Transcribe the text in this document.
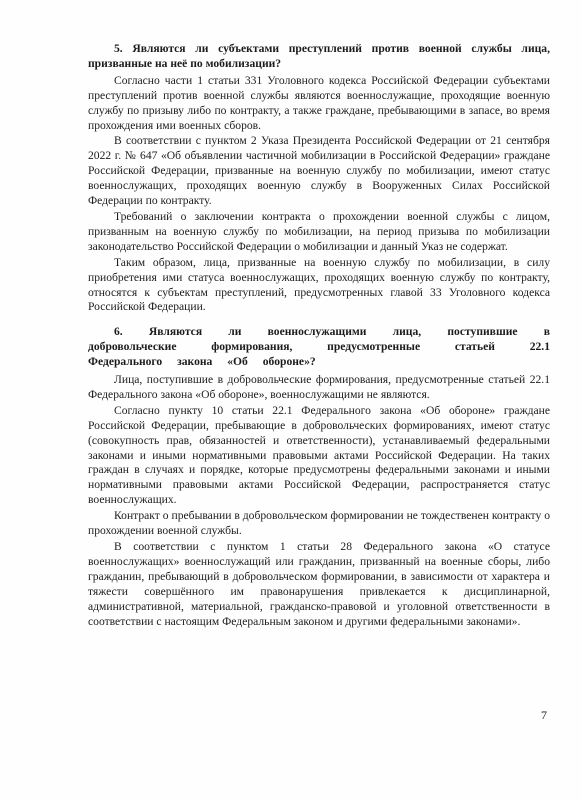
5. Являются ли субъектами преступлений против военной службы лица, призванные на неё по мобилизации?

Согласно части 1 статьи 331 Уголовного кодекса Российской Федерации субъектами преступлений против военной службы являются военнослужащие, проходящие военную службу по призыву либо по контракту, а также граждане, пребывающими в запасе, во время прохождения ими военных сборов.

В соответствии с пунктом 2 Указа Президента Российской Федерации от 21 сентября 2022 г. № 647 «Об объявлении частичной мобилизации в Российской Федерации» граждане Российской Федерации, призванные на военную службу по мобилизации, имеют статус военнослужащих, проходящих военную службу в Вооруженных Силах Российской Федерации по контракту.

Требований о заключении контракта о прохождении военной службы с лицом, призванным на военную службу по мобилизации, на период призыва по мобилизации законодательство Российской Федерации о мобилизации и данный Указ не содержат.

Таким образом, лица, призванные на военную службу по мобилизации, в силу приобретения ими статуса военнослужащих, проходящих военную службу по контракту, относятся к субъектам преступлений, предусмотренных главой 33 Уголовного кодекса Российской Федерации.

6. Являются ли военнослужащими лица, поступившие в добровольческие формирования, предусмотренные статьей 22.1 Федерального закона «Об обороне»?

Лица, поступившие в добровольческие формирования, предусмотренные статьей 22.1 Федерального закона «Об обороне», военнослужащими не являются.

Согласно пункту 10 статьи 22.1 Федерального закона «Об обороне» граждане Российской Федерации, пребывающие в добровольческих формированиях, имеют статус (совокупность прав, обязанностей и ответственности), устанавливаемый федеральными законами и иными нормативными правовыми актами Российской Федерации. На таких граждан в случаях и порядке, которые предусмотрены федеральными законами и иными нормативными правовыми актами Российской Федерации, распространяется статус военнослужащих.

Контракт о пребывании в добровольческом формировании не тождественен контракту о прохождении военной службы.

В соответствии с пунктом 1 статьи 28 Федерального закона «О статусе военнослужащих» военнослужащий или гражданин, призванный на военные сборы, либо гражданин, пребывающий в добровольческом формировании, в зависимости от характера и тяжести совершённого им правонарушения привлекается к дисциплинарной, административной, материальной, гражданско-правовой и уголовной ответственности в соответствии с настоящим Федеральным законом и другими федеральными законами».

7
